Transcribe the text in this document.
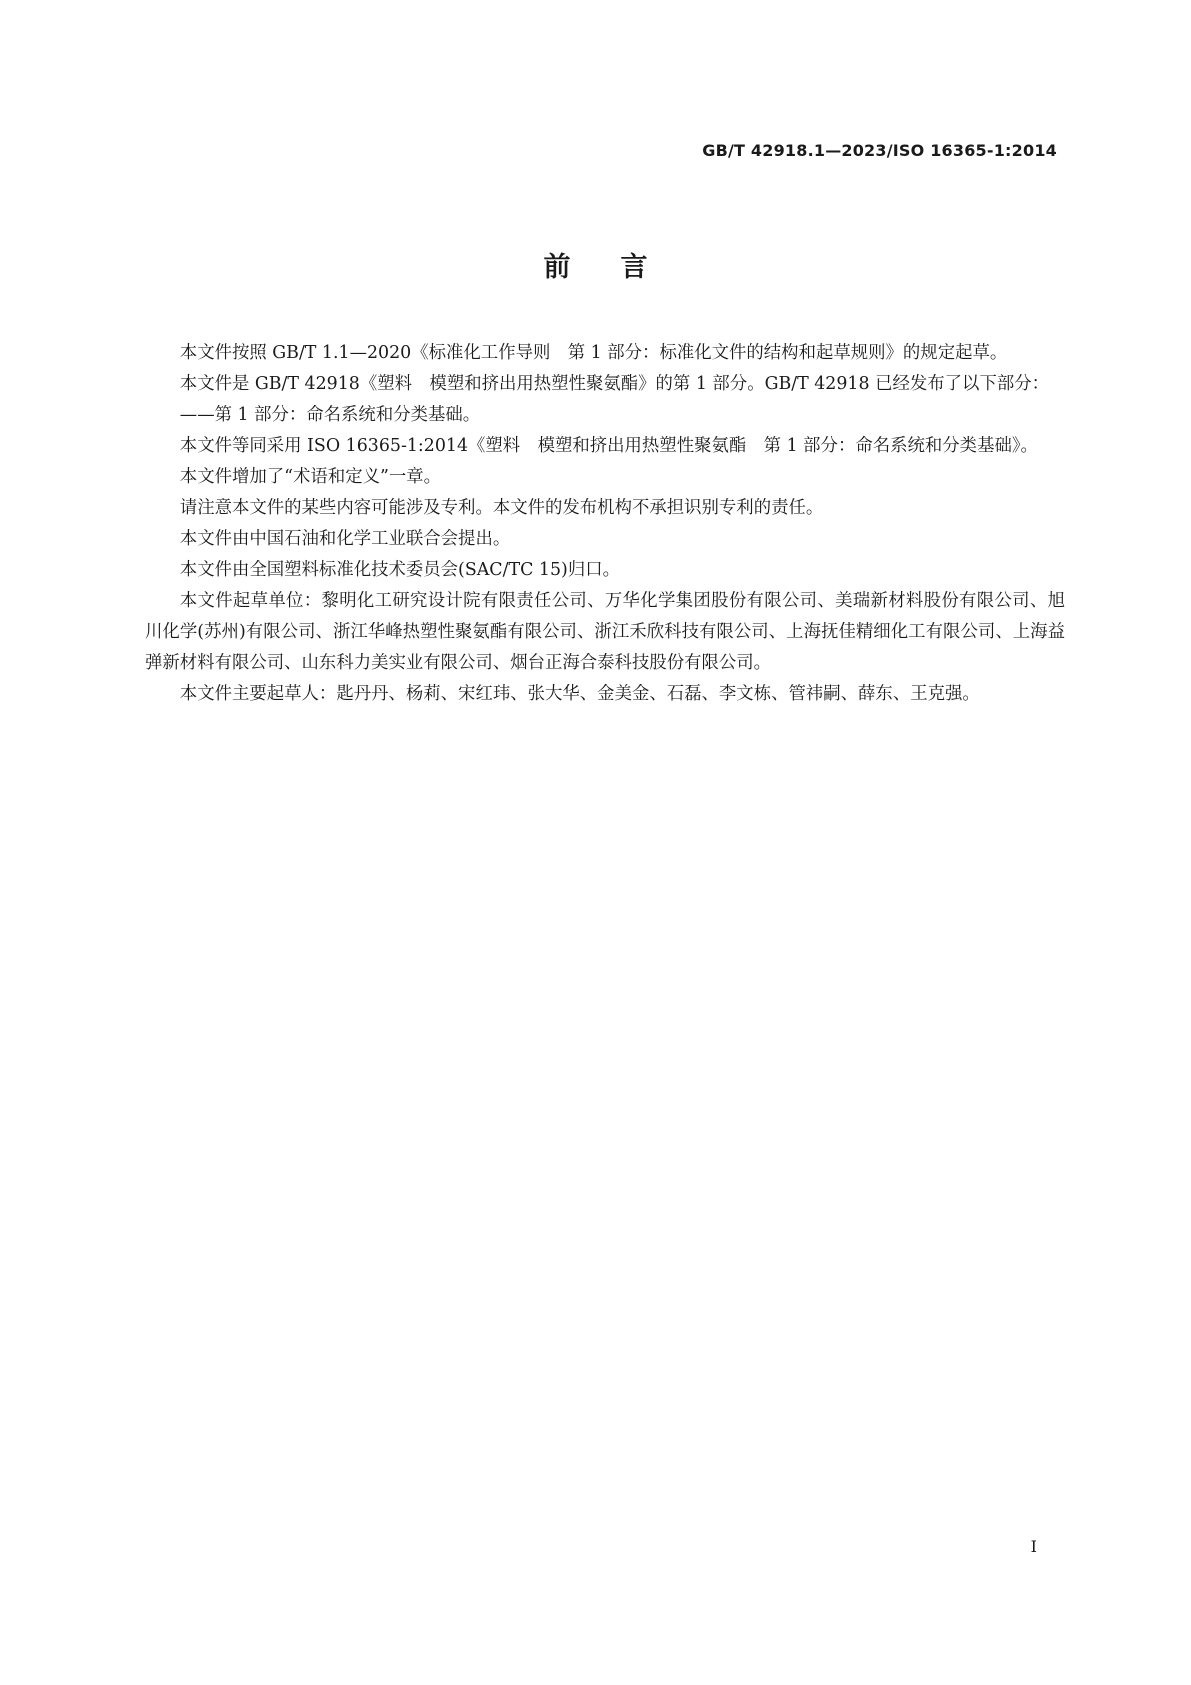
GB/T 42918.1—2023/ISO 16365-1:2014
前言

本文件按照 GB/T 1.1—2020《标准化工作导则　第 1 部分：标准化文件的结构和起草规则》的规定起草。

本文件是 GB/T 42918《塑料　模塑和挤出用热塑性聚氨酯》的第 1 部分。GB/T 42918 已经发布了以下部分：

——第 1 部分：命名系统和分类基础。

本文件等同采用 ISO 16365-1:2014《塑料　模塑和挤出用热塑性聚氨酯　第 1 部分：命名系统和分类基础》。

本文件增加了“术语和定义”一章。

请注意本文件的某些内容可能涉及专利。本文件的发布机构不承担识别专利的责任。

本文件由中国石油和化学工业联合会提出。

本文件由全国塑料标准化技术委员会(SAC/TC 15)归口。

本文件起草单位：黎明化工研究设计院有限责任公司、万华化学集团股份有限公司、美瑞新材料股份有限公司、旭川化学(苏州)有限公司、浙江华峰热塑性聚氨酯有限公司、浙江禾欣科技有限公司、上海抚佳精细化工有限公司、上海益弹新材料有限公司、山东科力美实业有限公司、烟台正海合泰科技股份有限公司。

本文件主要起草人：匙丹丹、杨莉、宋红玮、张大华、金美金、石磊、李文栋、管祎嗣、薛东、王克强。

I
